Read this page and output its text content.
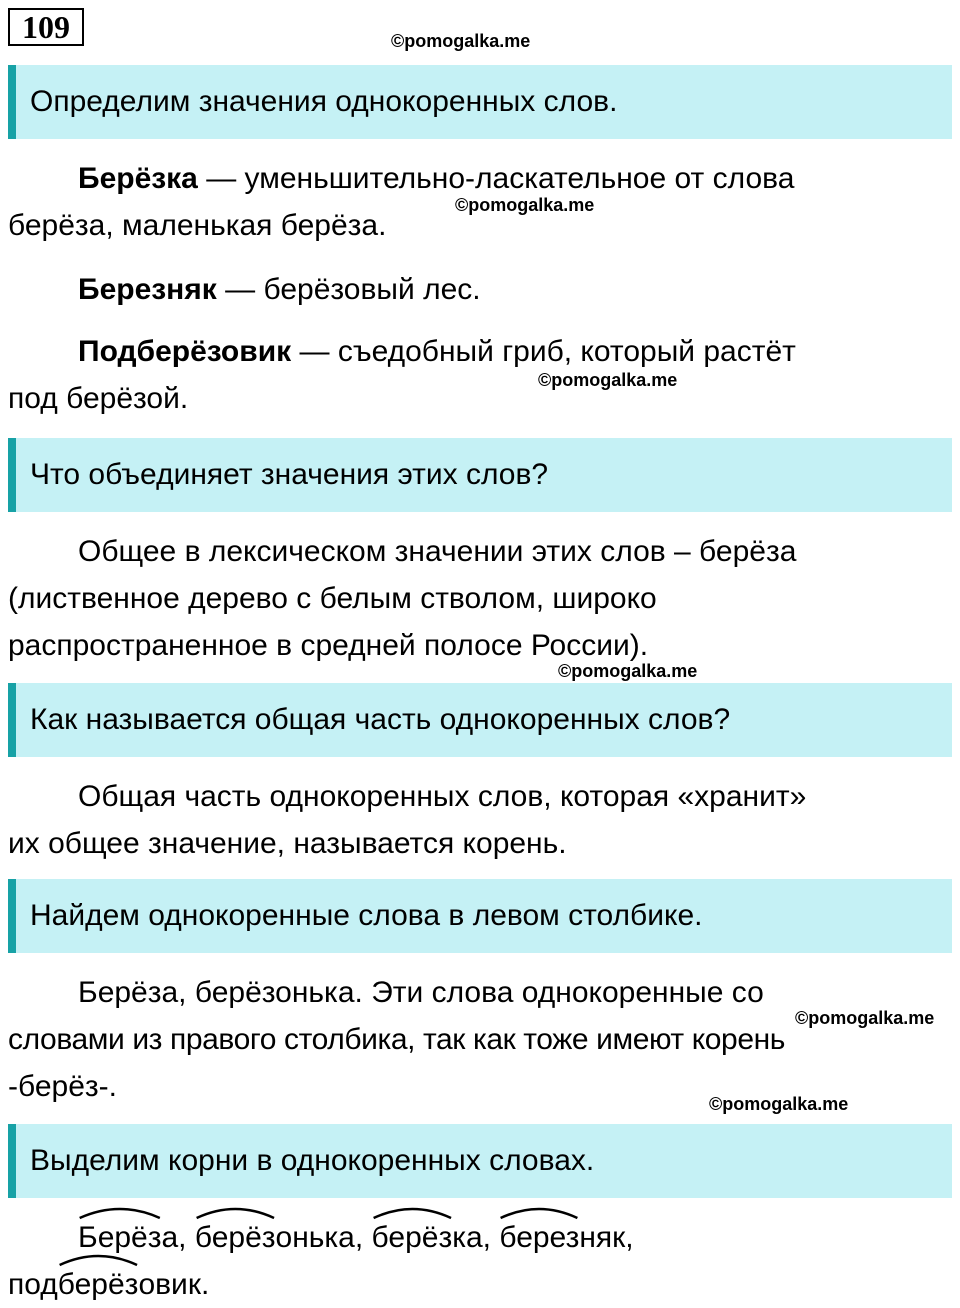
109	©pomogalka.me
Определим значения однокоренных слов.
Берёзка — уменьшительно-ласкательное от слова
берёза, маленькая берёза.
©pomogalka.me
Березняк — берёзовый лес.
Подберёзовик — съедобный гриб, который растёт
под берёзой.
©pomogalka.me
Что объединяет значения этих слов?
Общее в лексическом значении этих слов – берёза
(лиственное дерево с белым стволом, широко
распространенное в средней полосе России).
©pomogalka.me
Как называется общая часть однокоренных слов?
Общая часть однокоренных слов, которая «хранит»
их общее значение, называется корень.
Найдем однокоренные слова в левом столбике.
Берёза, берёзонька. Эти слова однокоренные со
словами из правого столбика, так как тоже имеют корень
-берёз-.
©pomogalka.me
©pomogalka.me
Выделим корни в однокоренных словах.
Берёза,
берёзонька,
берёзка,
березняк,
под
берёзовик.
